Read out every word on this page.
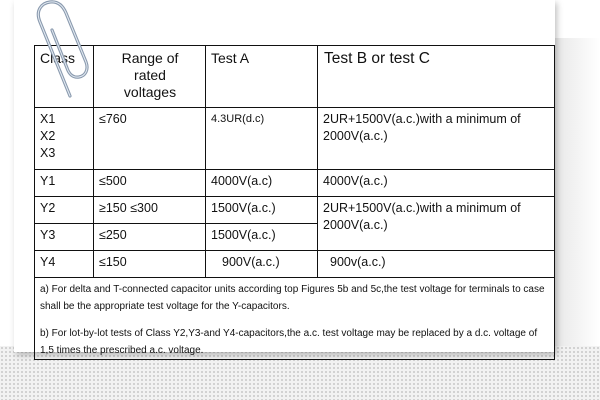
Class	Range of
rated
voltages	Test A	Test B or test C

X1
X2
X3	≤760	4.3UR(d.c)	2UR+1500V(a.c.)with a minimum of
2000V(a.c.)

Y1	≤500	4000V(a.c)	4000V(a.c.)
Y2	≥150 ≤300	1500V(a.c.)	2UR+1500V(a.c.)with a minimum of
2000V(a.c.)

Y3	≤250	1500V(a.c.)	
Y4	≤150	900V(a.c.)	900v(a.c.)

a) For delta and T-connected capacitor units according top Figures 5b and 5c,the test voltage for terminals to case shall be the appropriate test voltage for the Y-capacitors.
b) For lot-by-lot tests of Class Y2,Y3-and Y4-capacitors,the a.c. test voltage may be replaced by a d.c. voltage of 1,5 times the prescribed a.c. voltage.			
